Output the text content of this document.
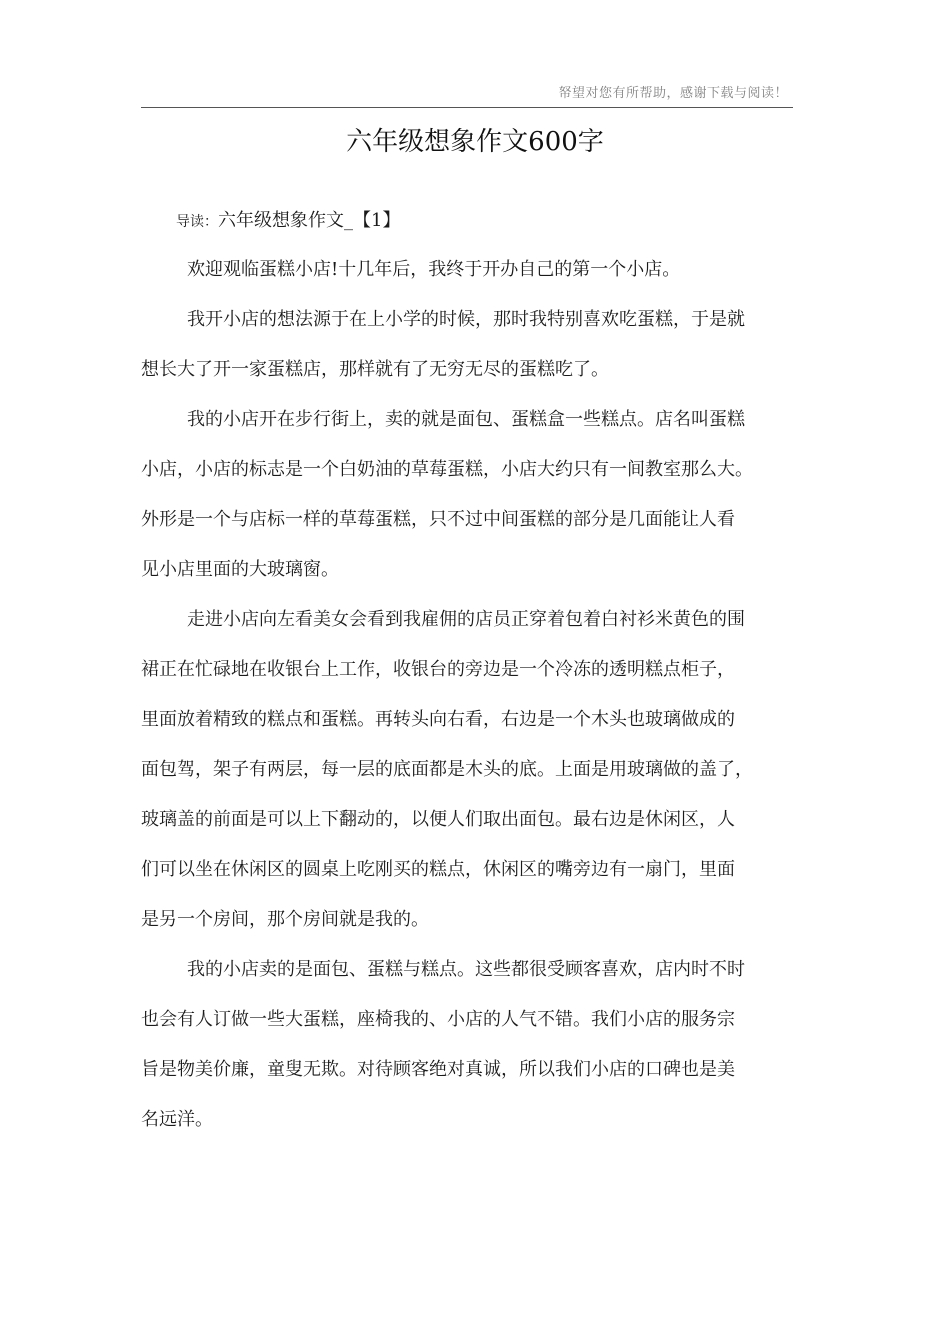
帑望对您有所帮助，感谢下载与阅读！
六年级想象作文600字
导读：六年级想象作文_【1】
欢迎观临蛋糕小店!十几年后，我终于开办自己的第一个小店。
我开小店的想法源于在上小学的时候，那时我特别喜欢吃蛋糕，于是就
想长大了开一家蛋糕店，那样就有了无穷无尽的蛋糕吃了。
我的小店开在步行街上，卖的就是面包、蛋糕盒一些糕点。店名叫蛋糕
小店，小店的标志是一个白奶油的草莓蛋糕，小店大约只有一间教室那么大。
外形是一个与店标一样的草莓蛋糕，只不过中间蛋糕的部分是几面能让人看
见小店里面的大玻璃窗。
走进小店向左看美女会看到我雇佣的店员正穿着包着白衬衫米黄色的围
裙正在忙碌地在收银台上工作，收银台的旁边是一个冷冻的透明糕点柜子，
里面放着精致的糕点和蛋糕。再转头向右看，右边是一个木头也玻璃做成的
面包驾，架子有两层，每一层的底面都是木头的底。上面是用玻璃做的盖了，
玻璃盖的前面是可以上下翻动的，以便人们取出面包。最右边是休闲区，人
们可以坐在休闲区的圆桌上吃刚买的糕点，休闲区的嘴旁边有一扇门，里面
是另一个房间，那个房间就是我的。
我的小店卖的是面包、蛋糕与糕点。这些都很受顾客喜欢，店内时不时
也会有人订做一些大蛋糕，座椅我的、小店的人气不错。我们小店的服务宗
旨是物美价廉，童叟无欺。对待顾客绝对真诚，所以我们小店的口碑也是美
名远洋。
